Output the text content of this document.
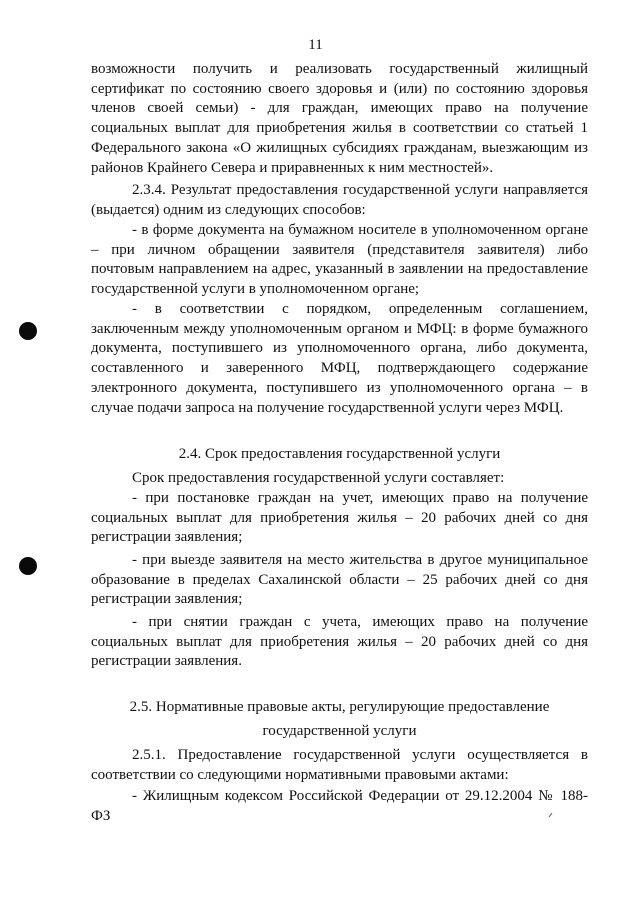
11

возможности получить и реализовать государственный жилищный сертификат по состоянию своего здоровья и (или) по состоянию здоровья членов своей семьи) - для граждан, имеющих право на получение социальных выплат для приобретения жилья в соответствии со статьей 1 Федерального закона «О жилищных субсидиях гражданам, выезжающим из районов Крайнего Севера и приравненных к ним местностей».

2.3.4. Результат предоставления государственной услуги направляется (выдается) одним из следующих способов:

- в форме документа на бумажном носителе в уполномоченном органе – при личном обращении заявителя (представителя заявителя) либо почтовым направлением на адрес, указанный в заявлении на предоставление государственной услуги в уполномоченном органе;

- в соответствии с порядком, определенным соглашением, заключенным между уполномоченным органом и МФЦ: в форме бумажного документа, поступившего из уполномоченного органа, либо документа, составленного и заверенного МФЦ, подтверждающего содержание электронного документа, поступившего из уполномоченного органа – в случае подачи запроса на получение государственной услуги через МФЦ.

2.4. Срок предоставления государственной услуги

Срок предоставления государственной услуги составляет:

- при постановке граждан на учет, имеющих право на получение социальных выплат для приобретения жилья – 20 рабочих дней со дня регистрации заявления;

- при выезде заявителя на место жительства в другое муниципальное образование в пределах Сахалинской области – 25 рабочих дней со дня регистрации заявления;

- при снятии граждан с учета, имеющих право на получение социальных выплат для приобретения жилья – 20 рабочих дней со дня регистрации заявления.

2.5. Нормативные правовые акты, регулирующие предоставление

государственной услуги

2.5.1. Предоставление государственной услуги осуществляется в соответствии со следующими нормативными правовыми актами:

- Жилищным кодексом Российской Федерации от 29.12.2004 № 188-ФЗ
